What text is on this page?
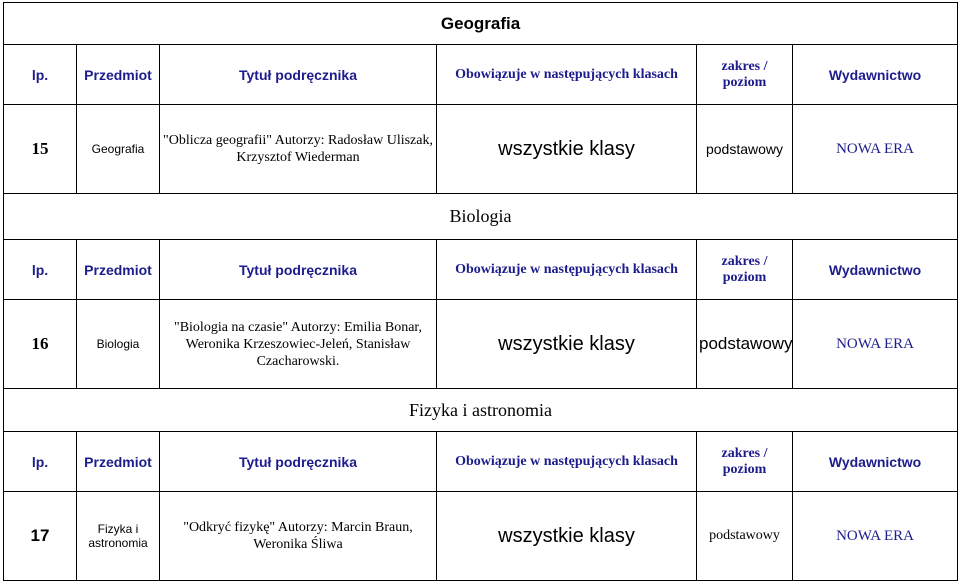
Geografia					
lp.	Przedmiot	Tytuł podręcznika	Obowiązuje w następujących klasach	zakres /
poziom	Wydawnictwo
15	Geografia	"Oblicza geografii" Autorzy: Radosław Uliszak,
Krzysztof Wiederman	wszystkie klasy	podstawowy	NOWA ERA
Biologia					
lp.	Przedmiot	Tytuł podręcznika	Obowiązuje w następujących klasach	zakres /
poziom	Wydawnictwo
16	Biologia	"Biologia na czasie" Autorzy: Emilia Bonar,
Weronika Krzeszowiec-Jeleń, Stanisław
Czacharowski.	wszystkie klasy	podstawowy	NOWA ERA
Fizyka i astronomia					
lp.	Przedmiot	Tytuł podręcznika	Obowiązuje w następujących klasach	zakres /
poziom	Wydawnictwo
17	Fizyka i
astronomia	"Odkryć fizykę" Autorzy: Marcin Braun,
Weronika Śliwa	wszystkie klasy	podstawowy	NOWA ERA
